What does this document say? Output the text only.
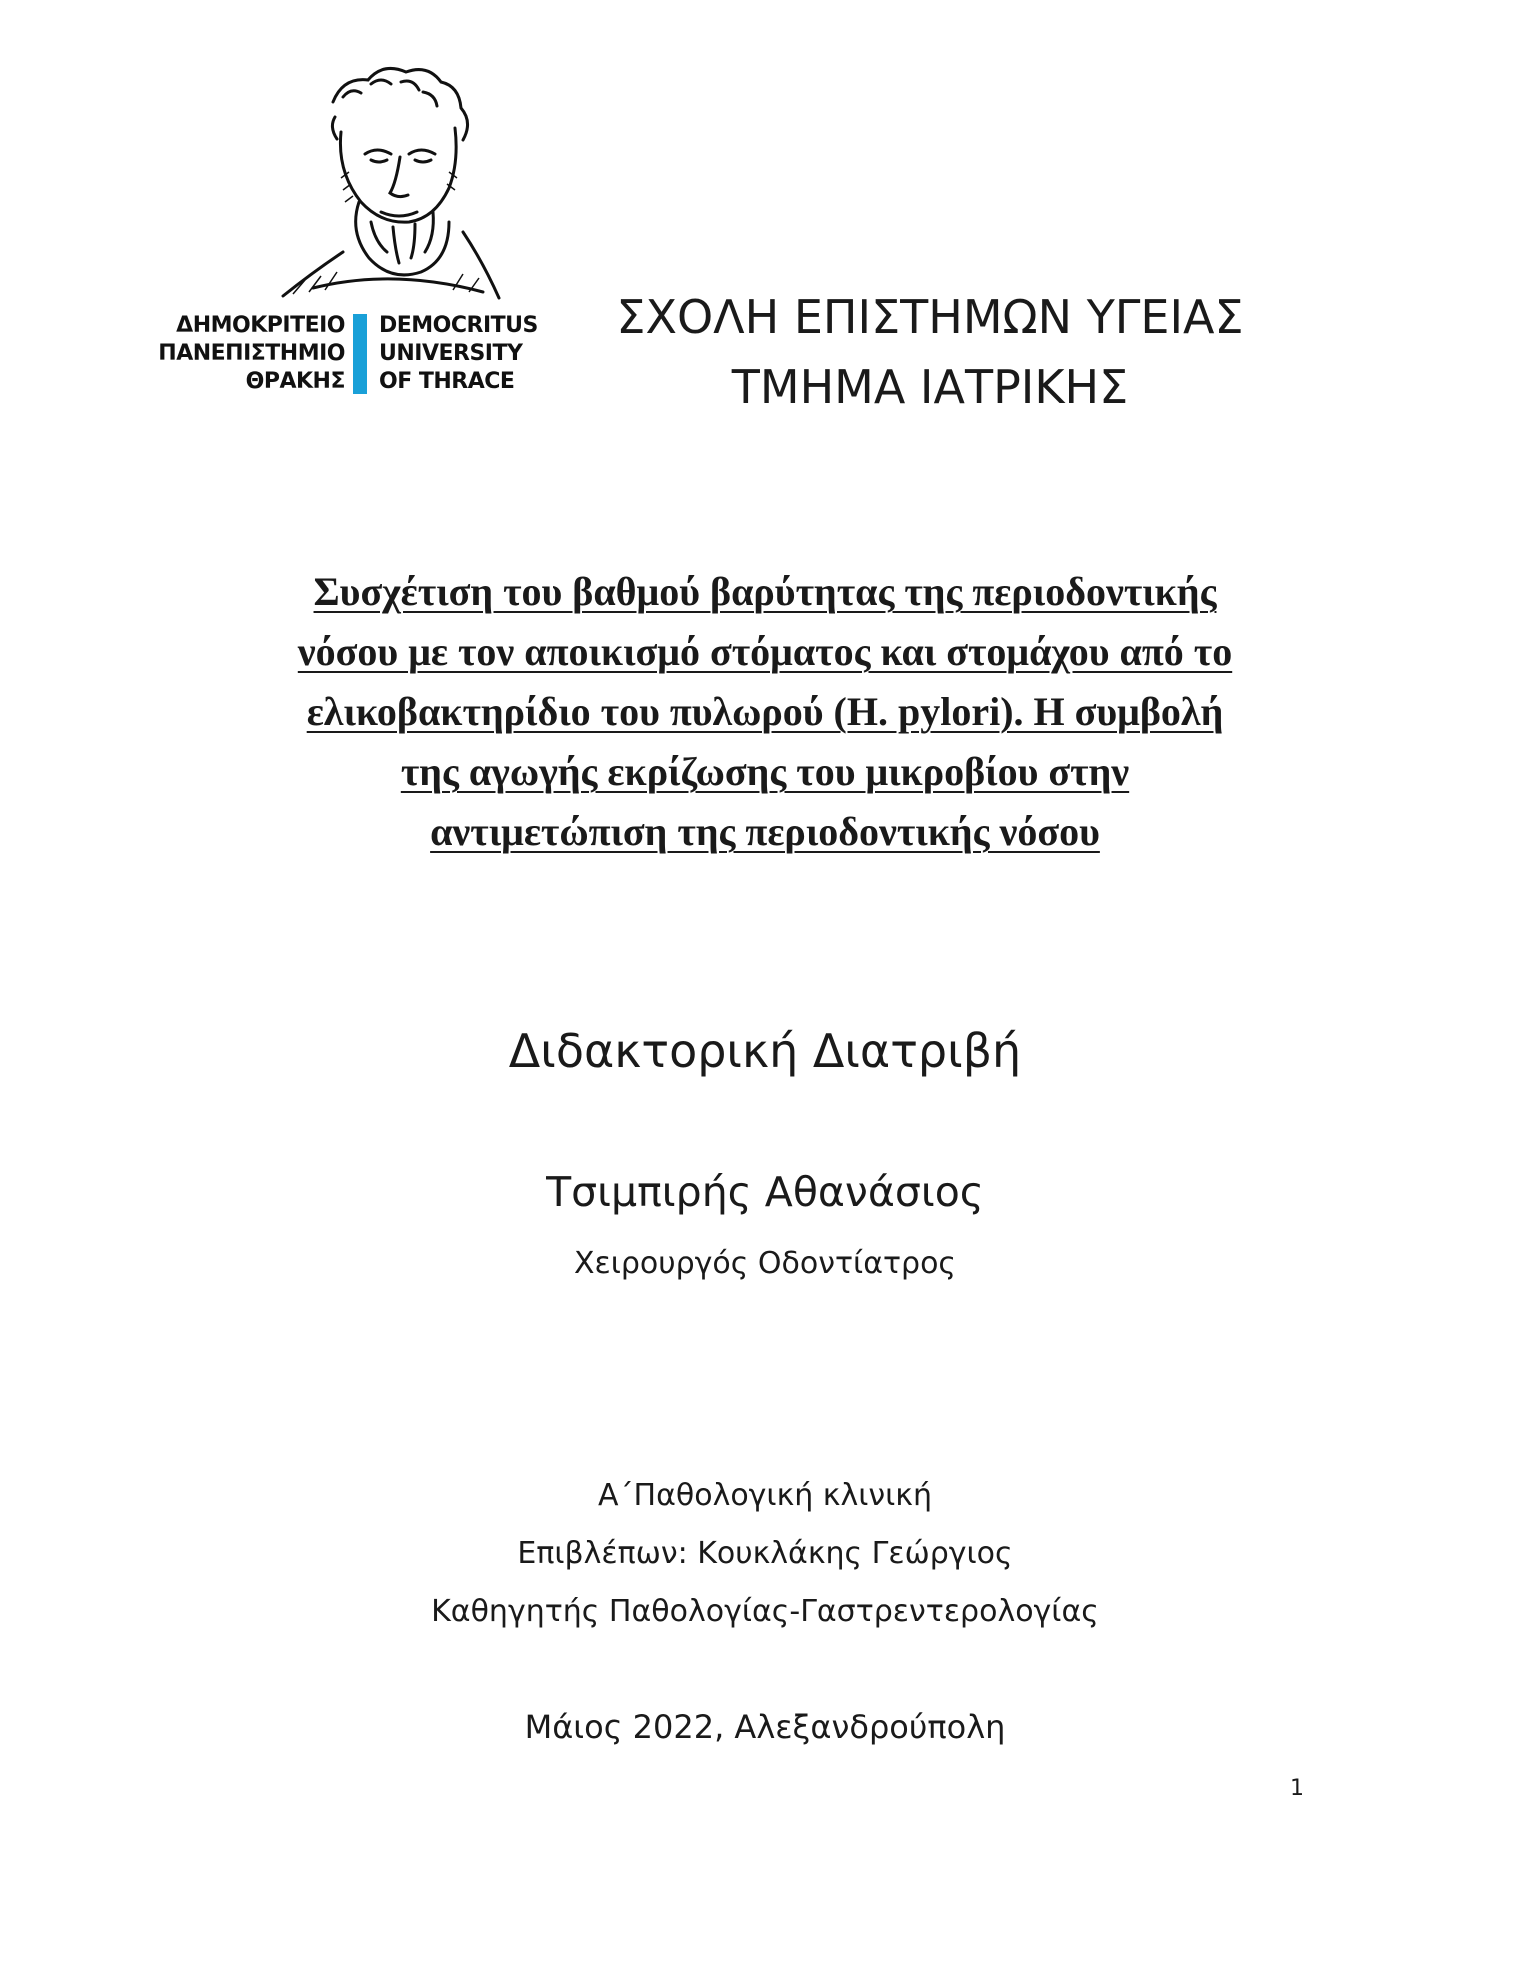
ΔΗΜΟΚΡΙΤΕΙΟ
ΠΑΝΕΠΙΣΤΗΜΙΟ
ΘΡΑΚΗΣ
DEMOCRITUS
UNIVERSITY
OF THRACE
ΣΧΟΛΗ ΕΠΙΣΤΗΜΩΝ ΥΓΕΙΑΣ
ΤΜΗΜΑ ΙΑΤΡΙΚΗΣ
Συσχέτιση του βαθμού βαρύτητας της περιοδοντικής
νόσου με τον αποικισμό στόματος και στομάχου από το
ελικοβακτηρίδιο του πυλωρού (H. pylori). Η συμβολή
της αγωγής εκρίζωσης του μικροβίου στην
αντιμετώπιση της περιοδοντικής νόσου
Διδακτορική Διατριβή
Τσιμπιρής Αθανάσιος
Χειρουργός Οδοντίατρος
Α΄Παθολογική κλινική
Επιβλέπων: Κουκλάκης Γεώργιος
Καθηγητής Παθολογίας-Γαστρεντερολογίας
Μάιος 2022, Αλεξανδρούπολη
1
